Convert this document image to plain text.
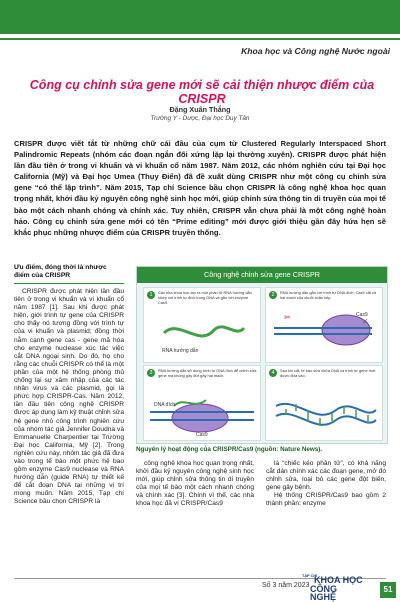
Khoa học và Công nghệ Nước ngoài
Công cụ chỉnh sửa gene mới sẽ cải thiện nhược điểm của CRISPR
Đặng Xuân Thắng
Trường Y - Dược, Đại học Duy Tân

CRISPR được viết tắt từ những chữ cái đầu của cụm từ Clustered Regularly Interspaced Short Palindromic Repeats (nhóm các đoạn ngắn đối xứng lặp lại thường xuyên). CRISPR được phát hiện lần đầu tiên ở trong vi khuẩn và vi khuẩn cổ năm 1987. Năm 2012, các nhóm nghiên cứu tại Đại học California (Mỹ) và Đại học Umea (Thụy Điển) đã đề xuất dùng CRISPR như một công cụ chỉnh sửa gene “có thể lập trình”. Năm 2015, Tạp chí Science bầu chọn CRISPR là công nghệ khoa học quan trọng nhất, khởi đầu kỷ nguyên công nghệ sinh học mới, giúp chỉnh sửa thông tin di truyền của mọi tế bào một cách nhanh chóng và chính xác. Tuy nhiên, CRISPR vẫn chưa phải là một công nghệ hoàn hảo. Công cụ chỉnh sửa gene mới có tên “Prime editing” mới được giới thiệu gần đây hứa hẹn sẽ khắc phục những nhược điểm của CRISPR truyền thống.

Ưu điểm, đóng thời là nhược điểm của CRISPR

CRISPR được phát hiện lần đầu tiên ở trong vi khuẩn và vi khuẩn cổ năm 1987 [1]. Sau khi được phát hiện, giới trình tự gene của CRISPR cho thấy nó tương đồng với trình tự của vi khuẩn và plasmid; đồng thời nằm cạnh gene cas - gene mã hóa cho enzyme nuclease xúc tác việc cắt DNA ngoại sinh. Do đó, họ cho rằng các chuỗi CRISPR có thể là một phần của một hệ thống phòng thủ chống lại sự xâm nhập của các tác nhân virus và các plasmid, gọi là phức hợp CRISPR-Cas. Năm 2012, lần đầu tiên công nghệ CRISPR được áp dụng làm kỹ thuật chỉnh sửa hệ gene nhỏ công trình nghiên cứu của nhóm tác giả Jennifer Doudna và Emmanuelle Charpentier tại Trường Đại học California, Mỹ [2]. Trong nghiên cứu này, nhóm tác giả đã đưa vào trong tế bào một phức hệ bao gồm enzyme Cas9 nuclease và RNA hướng dẫn (guide RNA) tự thiết kế để cắt đoạn DNA tại những vị trí mong muốn. Năm 2015, Tạp chí Science bầu chọn CRISPR là

Công nghệ chỉnh sửa gene CRISPR
1	Các nhà khoa học tạo ra một phân tử RNA hướng dẫn khớp với trình tự đích trong DNA và gắn với enzyme Cas9.
RNA hướng dẫn
2	RNA hướng dẫn gắn với trình tự DNA đích; Cas9 cắt cả hai mạch của chuỗi xoắn kép.
Cas9
✂	✓
3	RNA hướng dẫn sử dụng trình tự DNA đích để chỉnh sửa gene mà không gây đứt gãy hai mạch.
DNA đích
Cas9
4	Sau khi cắt, tế bào sửa chữa DNA và trình tự gene mới được đưa vào.
Nguyên lý hoạt động của CRISPR/Cas9 (nguồn: Nature News).

công nghệ khoa học quan trọng nhất, khởi đầu kỷ nguyên công nghệ sinh học mới, giúp chỉnh sửa thông tin di truyền của mọi tế bào một cách nhanh chóng và chính xác [3]. Chính vì thế, các nhà khoa học đã ví CRISPR/Cas9

là “chiếc kéo phân tử”, có khả năng cắt dán chính xác các đoạn gene, mở đó chỉnh sửa, loại bỏ các gene đột biến, gene gây bệnh.

Hệ thống CRISPR/Cas9 bao gồm 2 thành phần: enzyme

Số 3 năm 2023
TẠP CHÍ
KHOA HỌC
CÔNG NGHỆ
51
